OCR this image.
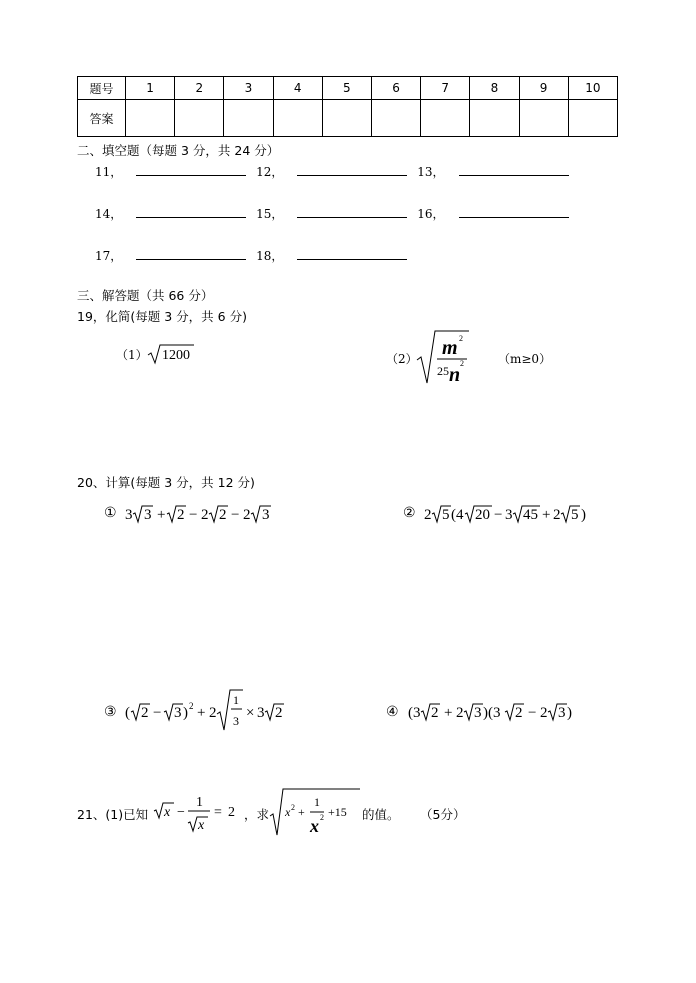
题号	1	2	3	4	5	6	7	8	9	10
答案										
二、填空题（每题 3 分，共 24 分）
11，	12，	13，
14，	15，	16，
17，	18，
三、解答题（共 66 分）
19，化简(每题 3 分，共 6 分)
（1） 1200	（2） m 2
25 n
2	（m≥0）
20、计算(每题 3 分，共 12 分)
① 3 3 + 2 − 2 2 − 2 3	② 2 5 (4 20 − 3 45 + 2 5 )
③ ( 2 − 3 ) 2 + 2
1
3 × 3 2	④ (3 2 + 2 3 )(3 2 − 2 3 )
21、(1)已知 x −
1
x
= 2 ，求 x 2 +
1
x 2 +15 的值。 （5分）
